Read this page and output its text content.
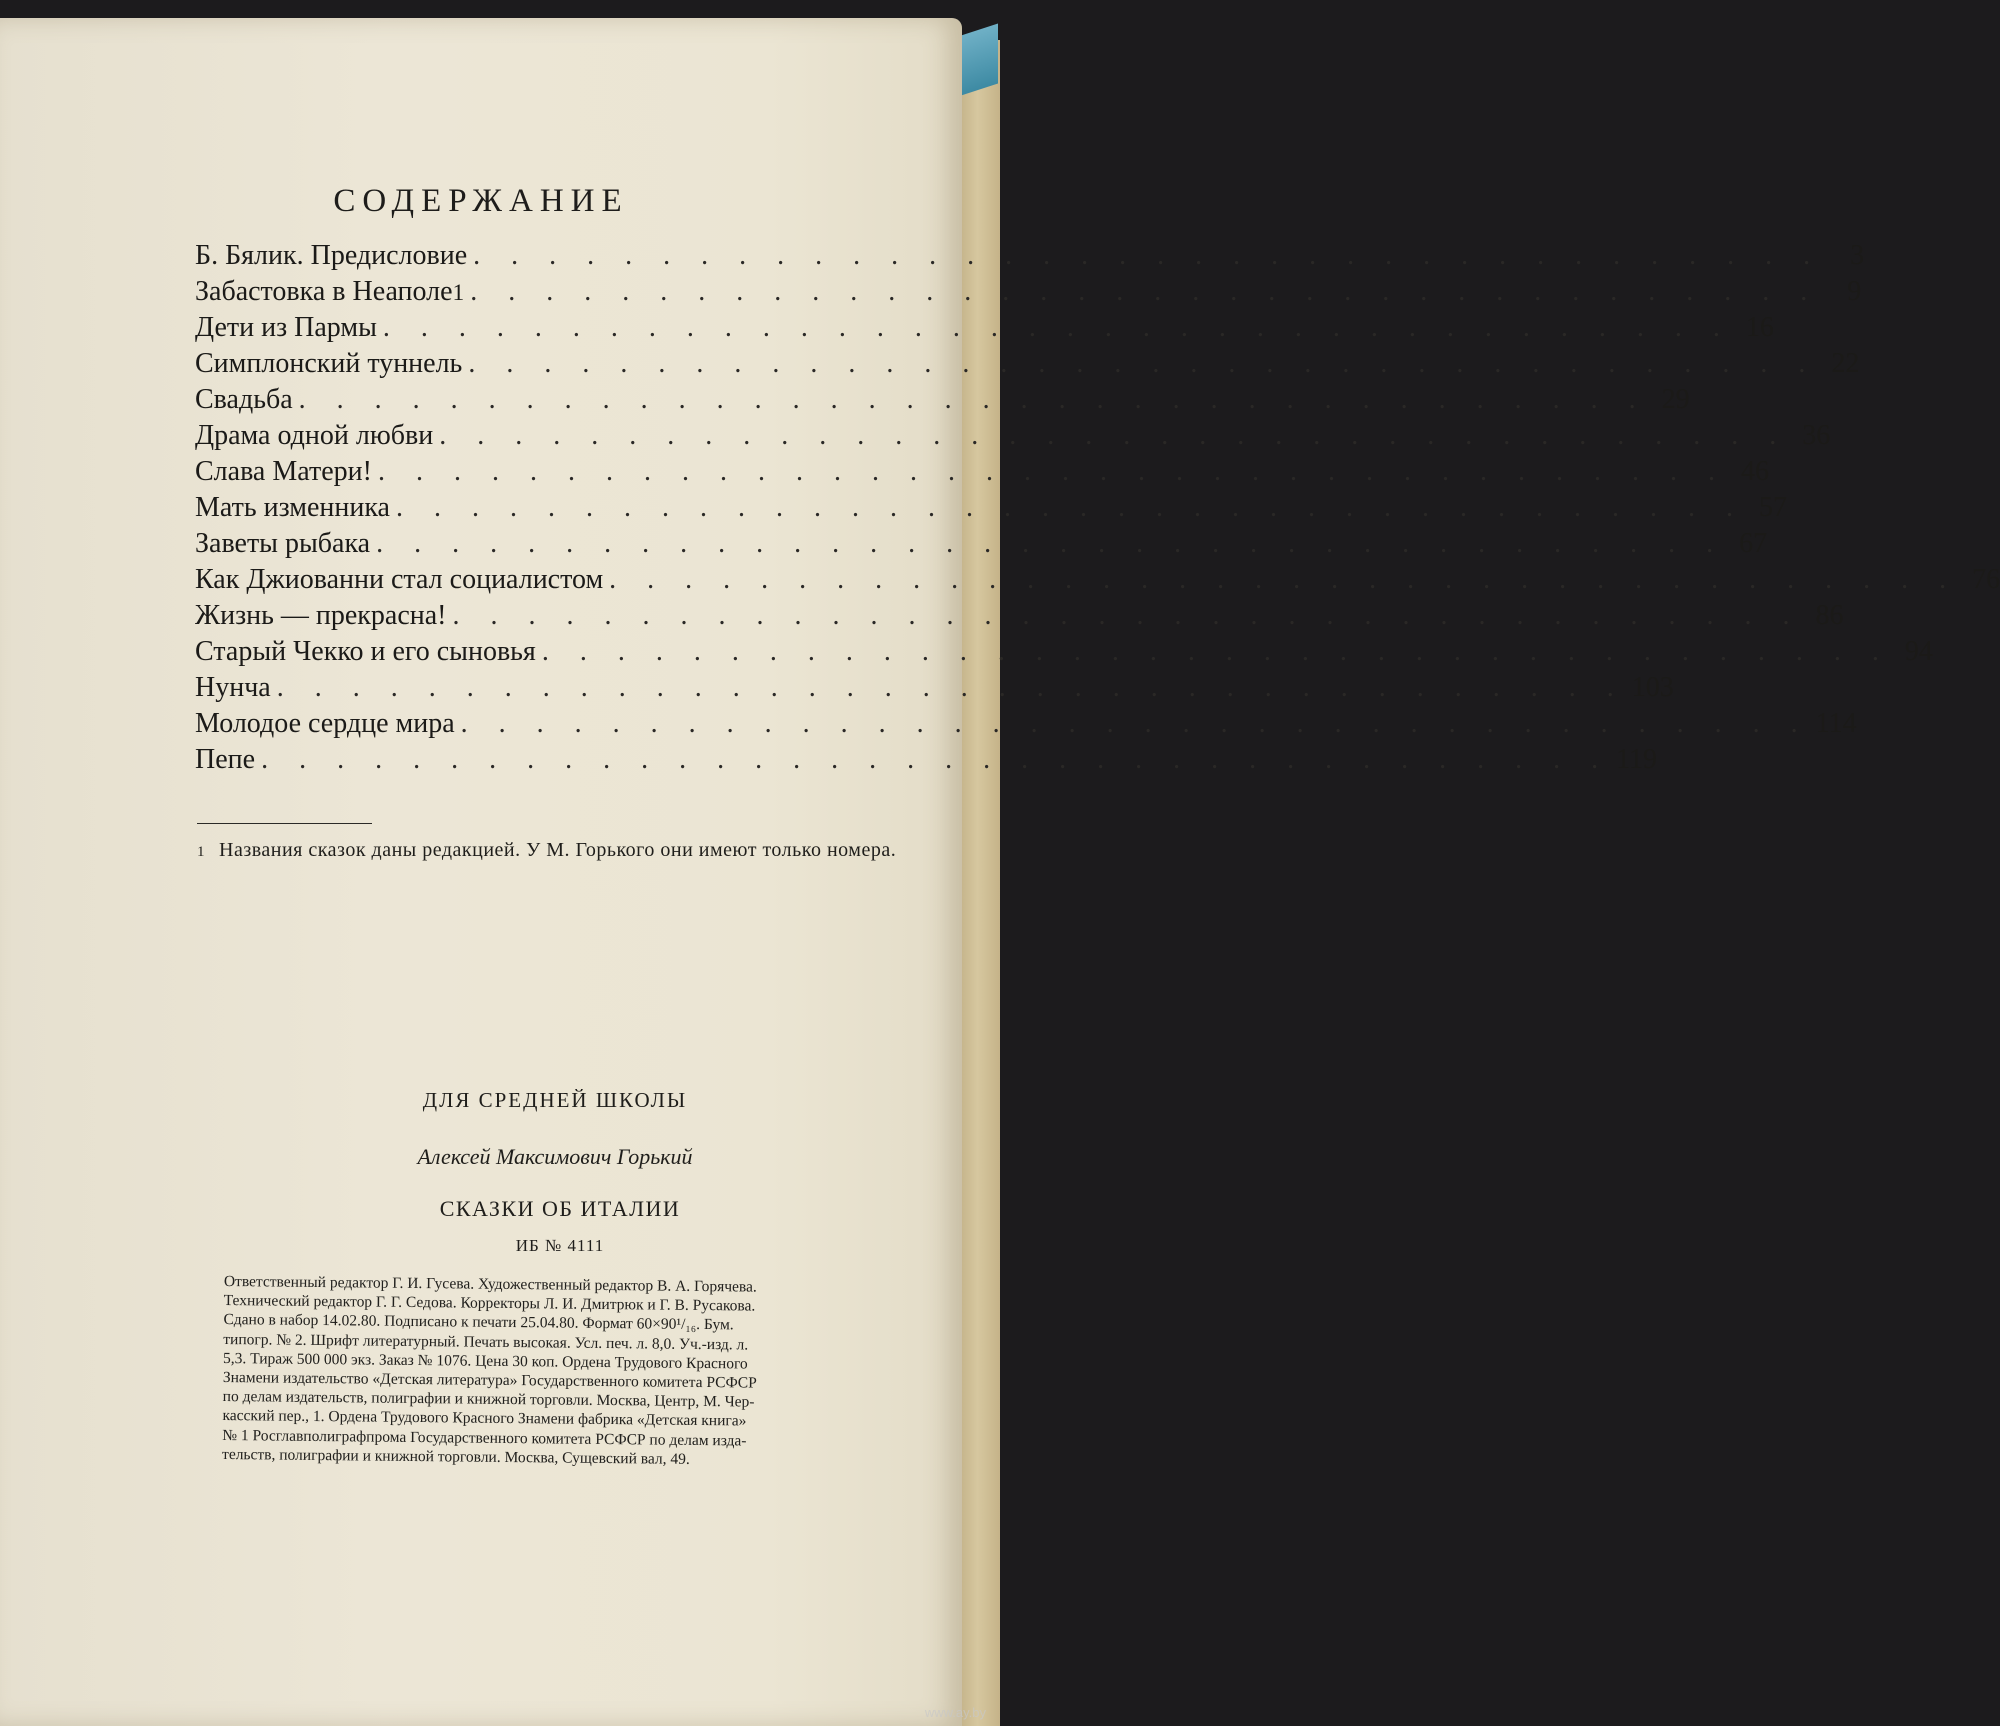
СОДЕРЖАНИЕ
Б. Бялик. Предисловие . . . . . . . . . . . . . . . . . . . . . . . . . . . . . . . . . . . .	3
Забастовка в Неаполе 1 . . . . . . . . . . . . . . . . . . . . . . . . . . . . . . . . . . . .	9
Дети из Пармы . . . . . . . . . . . . . . . . . . . . . . . . . . . . . . . . . . . . 16
Симплонский туннель . . . . . . . . . . . . . . . . . . . . . . . . . . . . . . . . . . . . 22
Свадьба . . . . . . . . . . . . . . . . . . . . . . . . . . . . . . . . . . . . 29
Драма одной любви . . . . . . . . . . . . . . . . . . . . . . . . . . . . . . . . . . . . 36
Слава Матери! . . . . . . . . . . . . . . . . . . . . . . . . . . . . . . . . . . . . 46
Мать изменника . . . . . . . . . . . . . . . . . . . . . . . . . . . . . . . . . . . . 57
Заветы рыбака . . . . . . . . . . . . . . . . . . . . . . . . . . . . . . . . . . . . 67
Как Джиованни стал социалистом . . . . . . . . . . . . . . . . . . . . . . . . . . . . . . . . . . . . 76
Жизнь — прекрасна! . . . . . . . . . . . . . . . . . . . . . . . . . . . . . . . . . . . . 86
Старый Чекко и его сыновья . . . . . . . . . . . . . . . . . . . . . . . . . . . . . . . . . . . . 94
Нунча . . . . . . . . . . . . . . . . . . . . . . . . . . . . . . . . . . . . 103
Молодое сердце мира . . . . . . . . . . . . . . . . . . . . . . . . . . . . . . . . . . . . 114
Пепе . . . . . . . . . . . . . . . . . . . . . . . . . . . . . . . . . . . . 119
1 Названия сказок даны редакцией. У М. Горького они имеют только номера.
ДЛЯ СРЕДНЕЙ ШКОЛЫ
Алексей Максимович Горький
СКАЗКИ ОБ ИТАЛИИ
ИБ № 4111
Ответственный редактор Г. И. Гусева. Художественный редактор В. А. Горячева.
Технический редактор Г. Г. Седова. Корректоры Л. И. Дмитрюк и Г. В. Русакова.
Сдано в набор 14.02.80. Подписано к печати 25.04.80. Формат 60×90¹/₁₆. Бум.
типогр. № 2. Шрифт литературный. Печать высокая. Усл. печ. л. 8,0. Уч.-изд. л.
5,3. Тираж 500 000 экз. Заказ № 1076. Цена 30 коп. Ордена Трудового Красного
Знамени издательство «Детская литература» Государственного комитета РСФСР
по делам издательств, полиграфии и книжной торговли. Москва, Центр, М. Чер-
касский пер., 1. Ордена Трудового Красного Знамени фабрика «Детская книга»
№ 1 Росглавполиграфпрома Государственного комитета РСФСР по делам изда-
тельств, полиграфии и книжной торговли. Москва, Сущевский вал, 49.
www.ay.by
